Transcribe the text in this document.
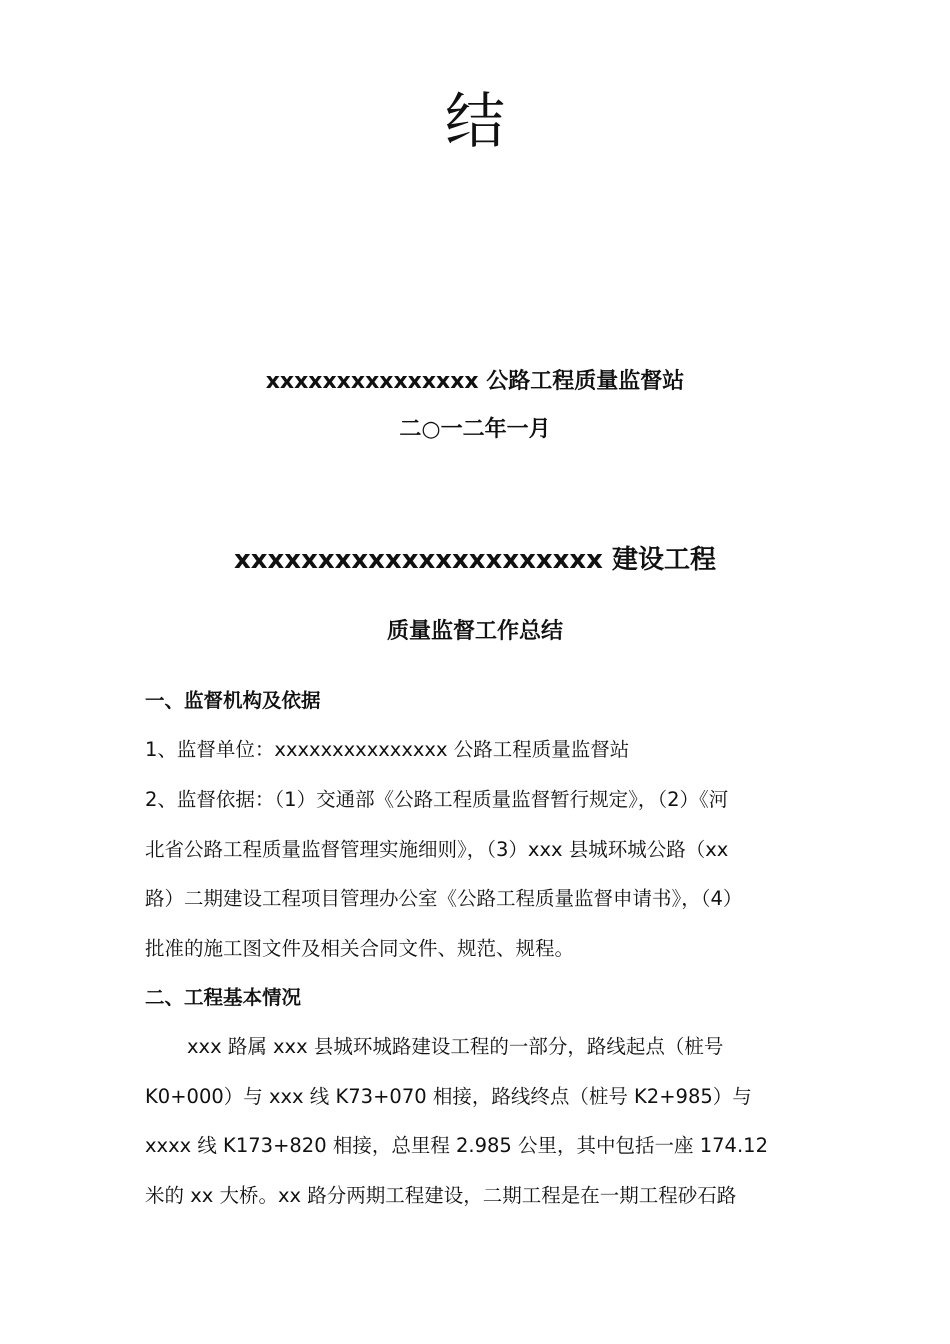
结
xxxxxxxxxxxxxxx 公路工程质量监督站
二○一二年一月
xxxxxxxxxxxxxxxxxxxxxx 建设工程
质量监督工作总结
一、监督机构及依据
1、监督单位：xxxxxxxxxxxxxxx 公路工程质量监督站
2、监督依据：（1）交通部《公路工程质量监督暂行规定》，（2）《河
北省公路工程质量监督管理实施细则》，（3）xxx 县城环城公路（xx
路）二期建设工程项目管理办公室《公路工程质量监督申请书》，（4）
批准的施工图文件及相关合同文件、规范、规程。
二、工程基本情况
xxx 路属 xxx 县城环城路建设工程的一部分，路线起点（桩号
K0+000）与 xxx 线 K73+070 相接，路线终点（桩号 K2+985）与
xxxx 线 K173+820 相接，总里程 2.985 公里，其中包括一座 174.12
米的 xx 大桥。xx 路分两期工程建设，二期工程是在一期工程砂石路
